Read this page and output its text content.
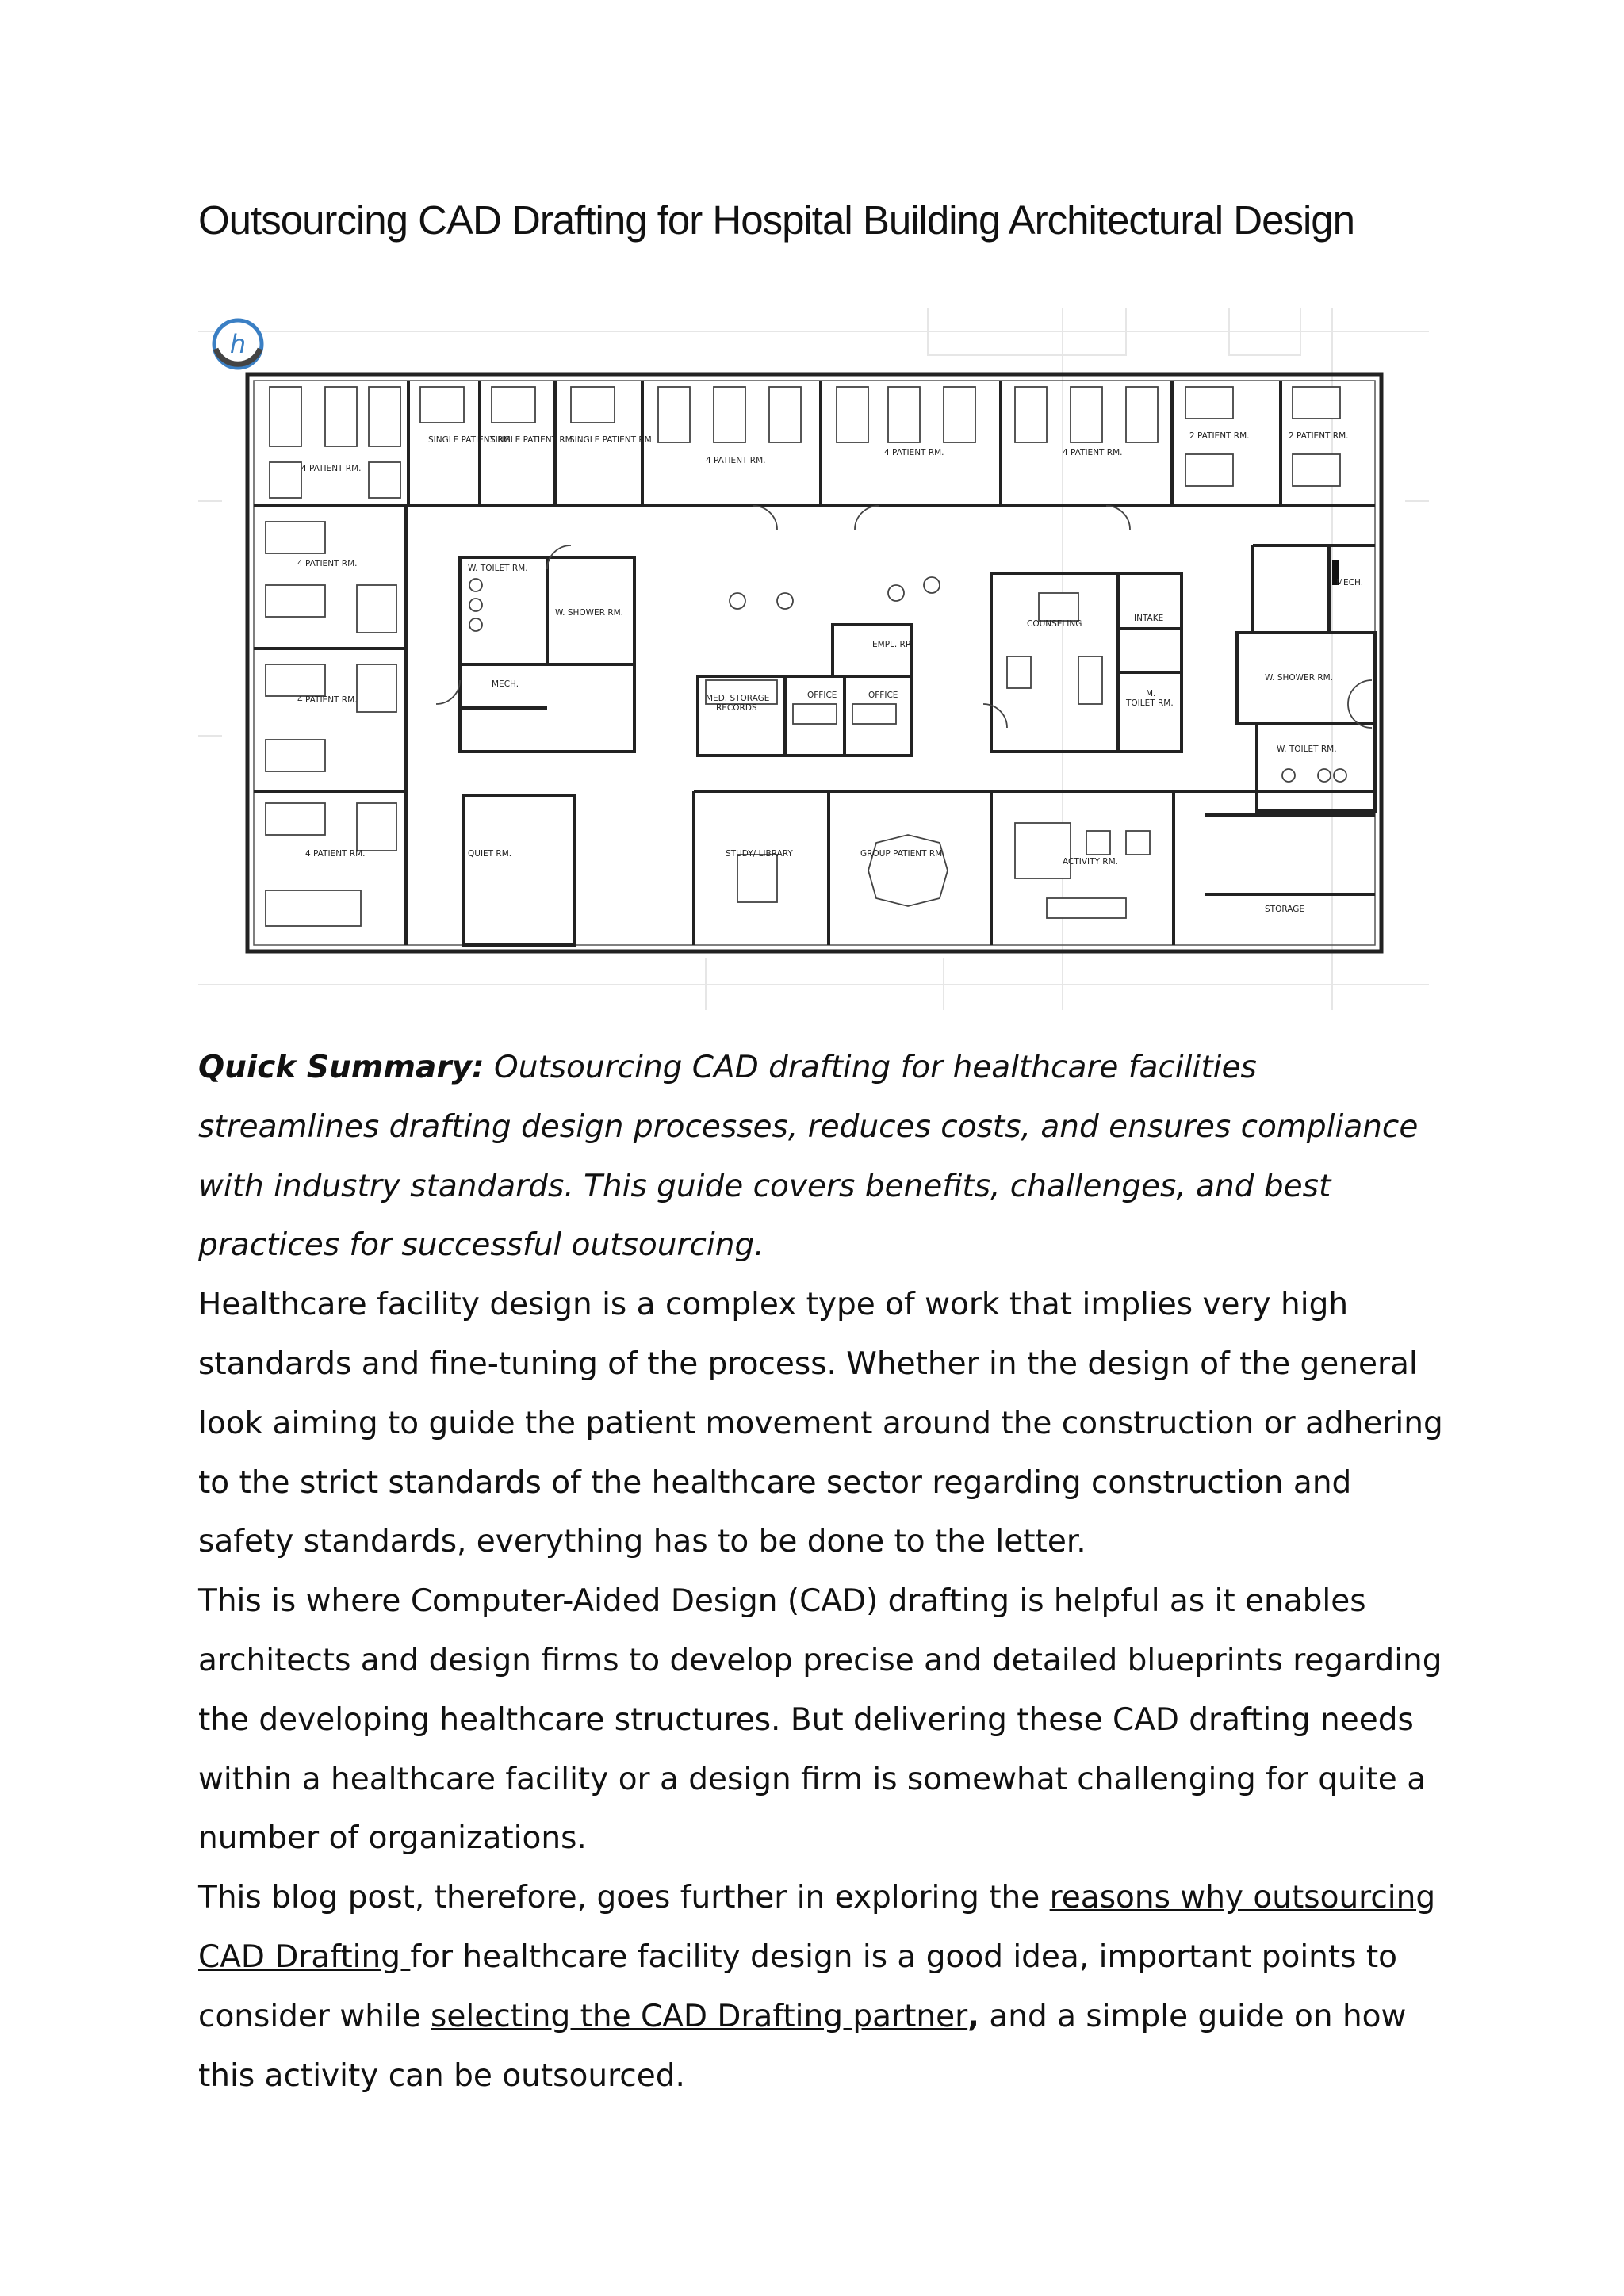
Outsourcing CAD Drafting for Hospital Building Architectural Design
h
4 PATIENT RM.
SINGLE PATIENT RM.
SINGLE PATIENT RM.
SINGLE PATIENT RM.
4 PATIENT RM.
4 PATIENT RM.	4 PATIENT RM.
2 PATIENT RM.	2 PATIENT RM.
4 PATIENT RM.	W. TOILET RM.
W. SHOWER RM.
MECH.
4 PATIENT RM.
EMPL. RR
MED. STORAGE
RECORDS
OFFICE	OFFICE
COUNSELING
INTAKE
M.
TOILET RM.
MECH.
W. SHOWER RM.
W. TOILET RM.
4 PATIENT RM.	QUIET RM.	STUDY/ LIBRARY	GROUP PATIENT RM.
ACTIVITY RM.
STORAGE

Quick Summary: Outsourcing CAD drafting for healthcare facilities streamlines drafting design processes, reduces costs, and ensures compliance with industry standards. This guide covers benefits, challenges, and best practices for successful outsourcing.

Healthcare facility design is a complex type of work that implies very high standards and fine-tuning of the process. Whether in the design of the general look aiming to guide the patient movement around the construction or adhering to the strict standards of the healthcare sector regarding construction and safety standards, everything has to be done to the letter.

This is where Computer-Aided Design (CAD) drafting is helpful as it enables architects and design firms to develop precise and detailed blueprints regarding the developing healthcare structures. But delivering these CAD drafting needs within a healthcare facility or a design firm is somewhat challenging for quite a number of organizations.

This blog post, therefore, goes further in exploring the reasons why outsourcing CAD Drafting for healthcare facility design is a good idea, important points to consider while selecting the CAD Drafting partner, and a simple guide on how this activity can be outsourced.
